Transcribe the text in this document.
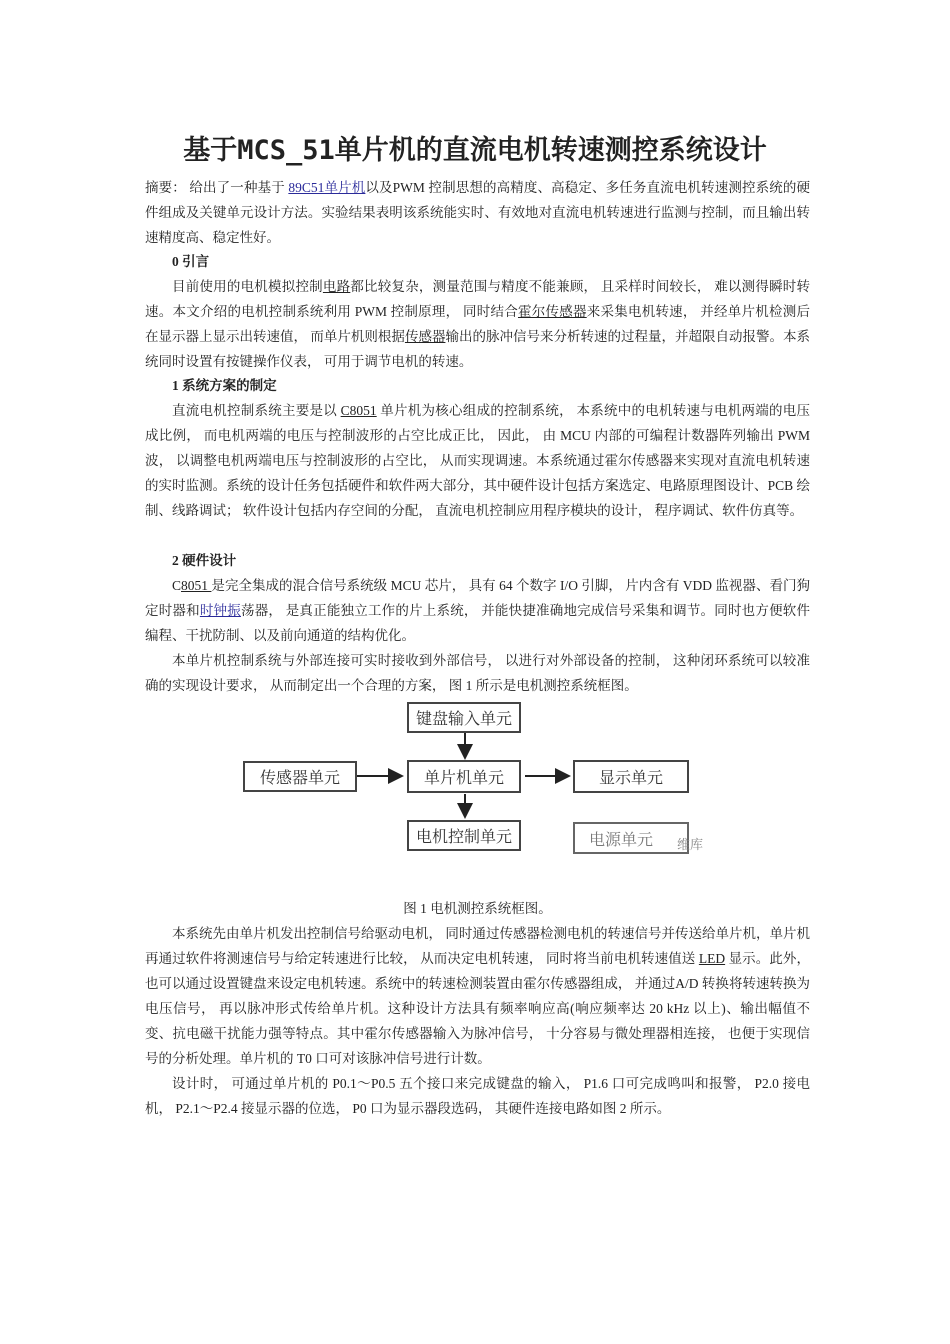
基于MCS_51单片机的直流电机转速测控系统设计

摘要： 给出了一种基于 89C51单片机以及PWM 控制思想的高精度、高稳定、多任务直流电机转速测控系统的硬件组成及关键单元设计方法。实验结果表明该系统能实时、有效地对直流电机转速进行监测与控制，而且输出转速精度高、稳定性好。

0 引言

目前使用的电机模拟控制电路都比较复杂，测量范围与精度不能兼顾， 且采样时间较长， 难以测得瞬时转速。本文介绍的电机控制系统利用 PWM 控制原理， 同时结合霍尔传感器来采集电机转速， 并经单片机检测后在显示器上显示出转速值， 而单片机则根据传感器输出的脉冲信号来分析转速的过程量，并超限自动报警。本系统同时设置有按键操作仪表， 可用于调节电机的转速。

1 系统方案的制定

直流电机控制系统主要是以 C8051 单片机为核心组成的控制系统， 本系统中的电机转速与电机两端的电压成比例， 而电机两端的电压与控制波形的占空比成正比， 因此， 由 MCU 内部的可编程计数器阵列输出 PWM 波， 以调整电机两端电压与控制波形的占空比， 从而实现调速。本系统通过霍尔传感器来实现对直流电机转速的实时监测。系统的设计任务包括硬件和软件两大部分，其中硬件设计包括方案选定、电路原理图设计、PCB 绘制、线路调试； 软件设计包括内存空间的分配， 直流电机控制应用程序模块的设计， 程序调试、软件仿真等。

2 硬件设计

C8051 是完全集成的混合信号系统级 MCU 芯片， 具有 64 个数字 I/O 引脚， 片内含有 VDD 监视器、看门狗定时器和时钟振荡器， 是真正能独立工作的片上系统， 并能快捷准确地完成信号采集和调节。同时也方便软件编程、干扰防制、以及前向通道的结构优化。

本单片机控制系统与外部连接可实时接收到外部信号， 以进行对外部设备的控制， 这种闭环系统可以较准确的实现设计要求， 从而制定出一个合理的方案， 图 1 所示是电机测控系统框图。

键盘输入单元
传感器单元	单片机单元	显示单元
电机控制单元	电源单元	维库

图 1 电机测控系统框图。

本系统先由单片机发出控制信号给驱动电机， 同时通过传感器检测电机的转速信号并传送给单片机，单片机再通过软件将测速信号与给定转速进行比较， 从而决定电机转速， 同时将当前电机转速值送 LED 显示。此外， 也可以通过设置键盘来设定电机转速。系统中的转速检测装置由霍尔传感器组成， 并通过A/D 转换将转速转换为电压信号， 再以脉冲形式传给单片机。这种设计方法具有频率响应高(响应频率达 20 kHz 以上)、输出幅值不变、抗电磁干扰能力强等特点。其中霍尔传感器输入为脉冲信号， 十分容易与微处理器相连接， 也便于实现信号的分析处理。单片机的 T0 口可对该脉冲信号进行计数。

设计时， 可通过单片机的 P0.1～P0.5 五个接口来完成键盘的输入， P1.6 口可完成鸣叫和报警， P2.0 接电机， P2.1～P2.4 接显示器的位选， P0 口为显示器段选码， 其硬件连接电路如图 2 所示。
